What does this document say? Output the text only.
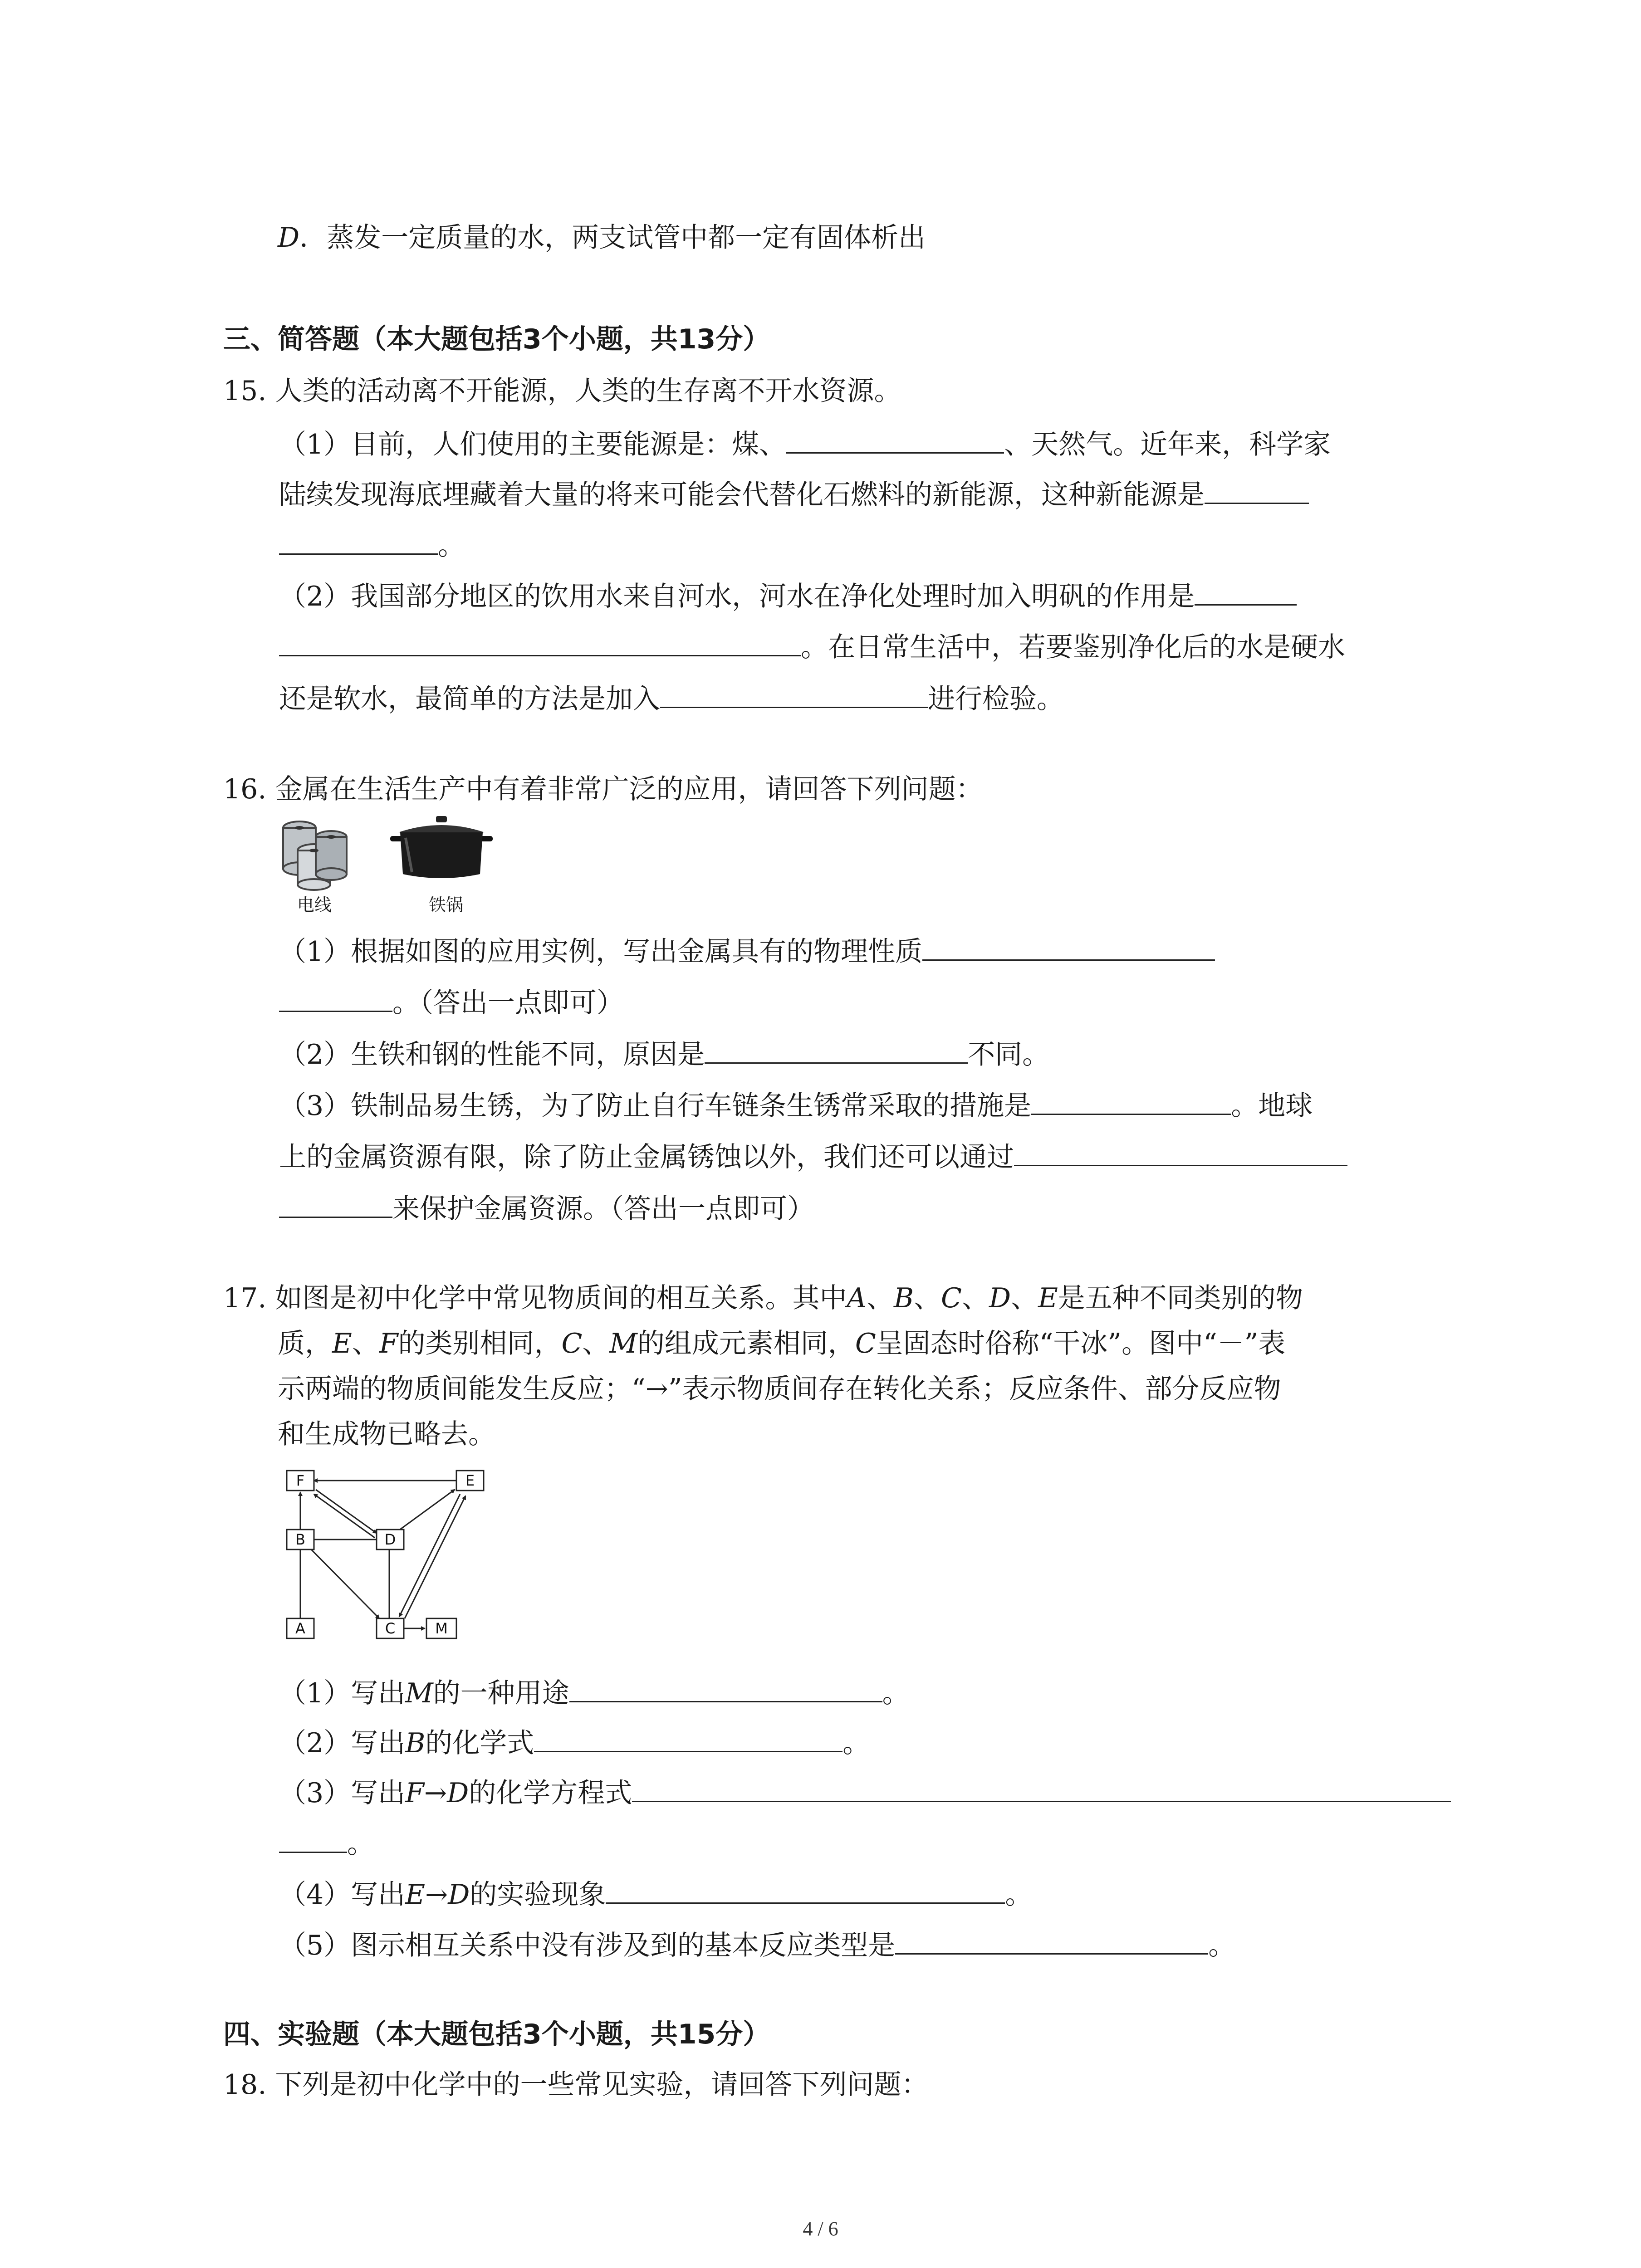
D．蒸发一定质量的水，两支试管中都一定有固体析出
三、简答题（本大题包括3个小题，共13分）
15. 人类的活动离不开能源，人类的生存离不开水资源。
（1）目前，人们使用的主要能源是：煤、	、天然气。近年来，科学家
陆续发现海底埋藏着大量的将来可能会代替化石燃料的新能源，这种新能源是
。
（2）我国部分地区的饮用水来自河水，河水在净化处理时加入明矾的作用是
。在日常生活中，若要鉴别净化后的水是硬水
还是软水，最简单的方法是加入	进行检验。
16. 金属在生活生产中有着非常广泛的应用，请回答下列问题：
电线	铁锅
（1）根据如图的应用实例，写出金属具有的物理性质
。（答出一点即可）
（2）生铁和钢的性能不同，原因是	不同。
（3）铁制品易生锈，为了防止自行车链条生锈常采取的措施是	。地球
上的金属资源有限，除了防止金属锈蚀以外，我们还可以通过
来保护金属资源。（答出一点即可）
17. 如图是初中化学中常见物质间的相互关系。其中A、B、C、D、E是五种不同类别的物
质，E、F的类别相同，C、M的组成元素相同，C呈固态时俗称“干冰”。图中“－”表
示两端的物质间能发生反应；“→”表示物质间存在转化关系；反应条件、部分反应物
和生成物已略去。
F	E
B	D
A	C	M
（1）写出M的一种用途	。
（2）写出B的化学式	。
（3）写出F→D的化学方程式
。
（4）写出E→D的实验现象	。
（5）图示相互关系中没有涉及到的基本反应类型是	。
四、实验题（本大题包括3个小题，共15分）
18. 下列是初中化学中的一些常见实验，请回答下列问题：
4 / 6
